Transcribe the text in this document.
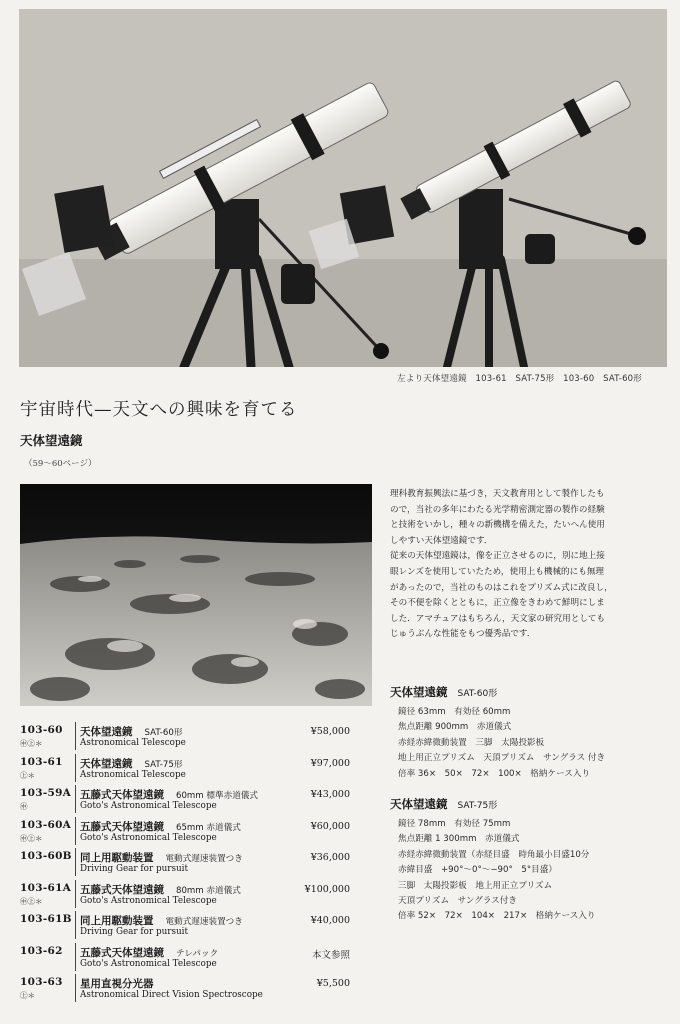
左より天体望遠鏡　103-61　SAT-75形　103-60　SAT-60形
宇宙時代—天文への興味を育てる
天体望遠鏡
（59〜60ページ）

理科教育振興法に基づき，天文教育用として製作したも

ので，当社の多年にわたる光学精密測定器の製作の経験

と技術をいかし，種々の新機構を備えた，たいへん使用

しやすい天体望遠鏡です．

従来の天体望遠鏡は，像を正立させるのに，別に地上接

眼レンズを使用していたため，使用上も機械的にも無理

があったので，当社のものはこれをプリズム式に改良し，

その不便を除くとともに，正立像をきわめて鮮明にしま

した．アマチュアはもちろん，天文家の研究用としても

じゅうぶんな性能をもつ優秀品です．

天体望遠鏡 SAT-60形
鏡径 63mm　有効径 60mm
焦点距離 900mm　赤道儀式
赤経赤緯微動装置　三脚　太陽投影板
地上用正立プリズム　天頂プリズム　サングラス 付き
倍率 36×　50×　72×　100×　格納ケース入り
天体望遠鏡 SAT-75形
鏡径 78mm　有効径 75mm
焦点距離 1 300mm　赤道儀式
赤経赤緯微動装置（赤経目盛　時角最小目盛10分
赤緯目盛　+90°〜0°〜−90°　5°目盛）
三脚　太陽投影板　地上用正立プリズム
天頂プリズム　サングラス付き
倍率 52×　72×　104×　217×　格納ケース入り
103-60
㊥㊤＊
天体望遠鏡 SAT-60形
Astronomical Telescope
¥58,000
103-61
㊤＊
天体望遠鏡 SAT-75形
Astronomical Telescope
¥97,000
103-59A
㊥
五藤式天体望遠鏡 60mm 標準赤道儀式
Goto's Astronomical Telescope
¥43,000
103-60A
㊥㊤＊
五藤式天体望遠鏡 65mm 赤道儀式
Goto's Astronomical Telescope
¥60,000
103-60B 同上用駆動装置 電動式遅速装置つき
Driving Gear for pursuit
¥36,000
103-61A
㊥㊤＊
五藤式天体望遠鏡 80mm 赤道儀式
Goto's Astronomical Telescope
¥100,000
103-61B 同上用駆動装置 電動式遅速装置つき
Driving Gear for pursuit
¥40,000
103-62 五藤式天体望遠鏡 テレパック
Goto's Astronomical Telescope
本文参照
103-63
㊤＊
星用直視分光器
Astronomical Direct Vision Spectroscope
¥5,500
